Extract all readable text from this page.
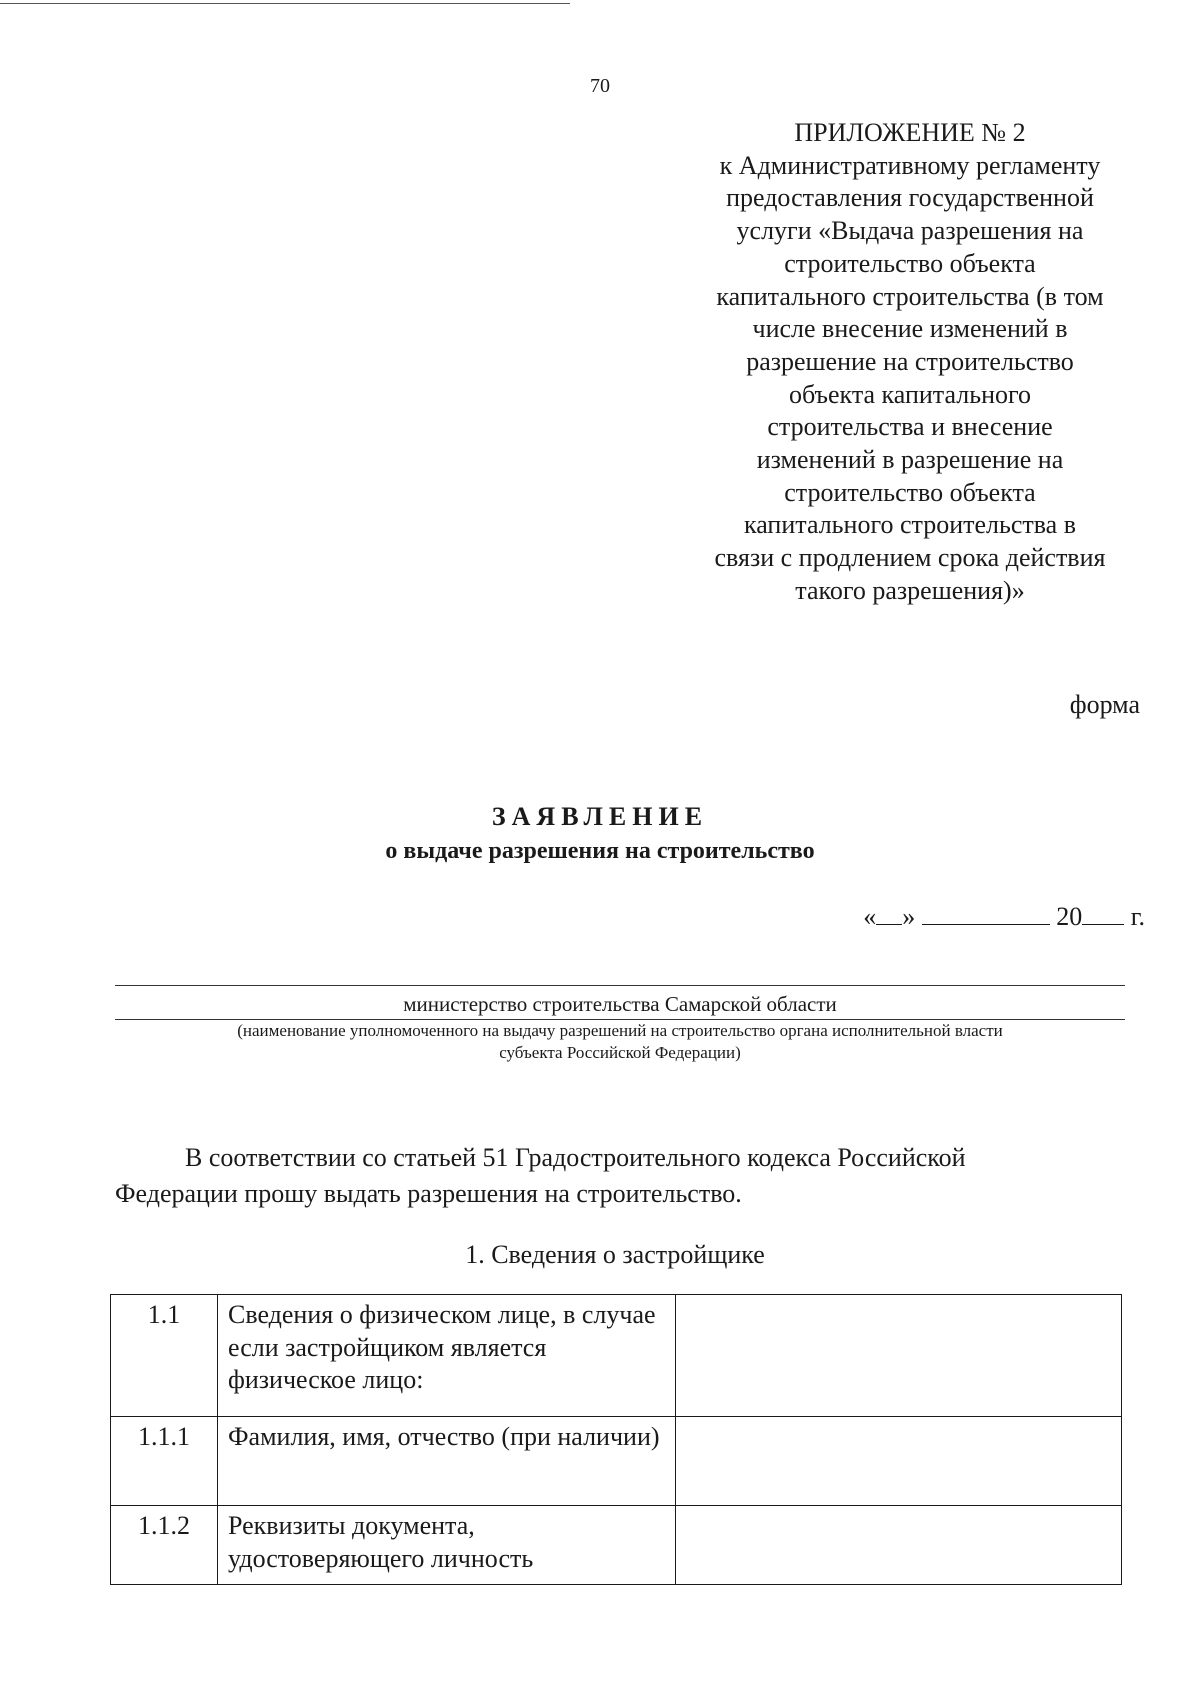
70
ПРИЛОЖЕНИЕ № 2
к Административному регламенту
предоставления государственной
услуги «Выдача разрешения на
строительство объекта
капитального строительства (в том
числе внесение изменений в
разрешение на строительство
объекта капитального
строительства и внесение
изменений в разрешение на
строительство объекта
капитального строительства в
связи с продлением срока действия
такого разрешения)»
форма
ЗАЯВЛЕНИЕ
о выдаче разрешения на строительство
« »	20 г.
министерство строительства Самарской области
(наименование уполномоченного на выдачу разрешений на строительство органа исполнительной власти
субъекта Российской Федерации)
В соответствии со статьей 51 Градостроительного кодекса Российской
Федерации прошу выдать разрешения на строительство.
1. Сведения о застройщике
1.1	Сведения о физическом лице, в случае если застройщиком является физическое лицо:	
1.1.1	Фамилия, имя, отчество (при наличии)	
1.1.2	Реквизиты документа, удостоверяющего личность	
